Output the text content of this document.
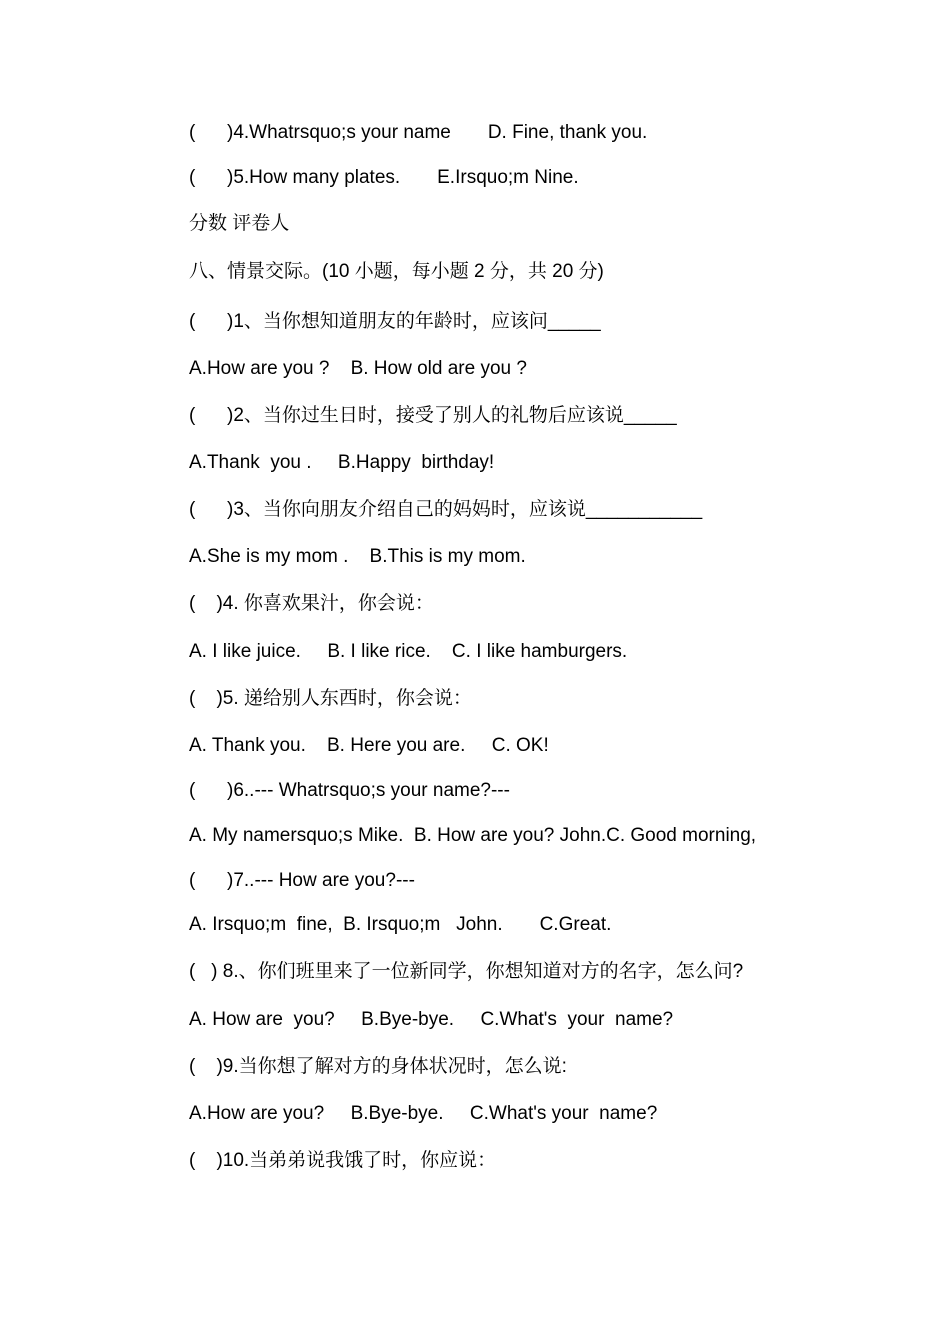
(      )4.Whatrsquo;s your name       D. Fine, thank you.
(      )5.How many plates.       E.Irsquo;m Nine.
分数 评卷人
八、情景交际。(10 小题，每小题 2 分，共 20 分)
(      )1、当你想知道朋友的年龄时，应该问_____
A.How are you ?    B. How old are you ?
(      )2、当你过生日时，接受了别人的礼物后应该说_____
A.Thank  you .     B.Happy  birthday!
(      )3、当你向朋友介绍自己的妈妈时，应该说___________
A.She is my mom .    B.This is my mom.
(    )4. 你喜欢果汁，你会说：
A. I like juice.     B. I like rice.    C. I like hamburgers.
(    )5. 递给别人东西时，你会说：
A. Thank you.    B. Here you are.     C. OK!
(      )6..--- Whatrsquo;s your name?---
A. My namersquo;s Mike.  B. How are you? John.C. Good morning,
(      )7..--- How are you?---
A. Irsquo;m  fine,  B. Irsquo;m   John.       C.Great.
(   ) 8.、你们班里来了一位新同学，你想知道对方的名字，怎么问?
A. How are  you?     B.Bye-bye.     C.What's  your  name?
(    )9.当你想了解对方的身体状况时，怎么说:
A.How are you?     B.Bye-bye.     C.What's your  name?
(    )10.当弟弟说我饿了时，你应说：
